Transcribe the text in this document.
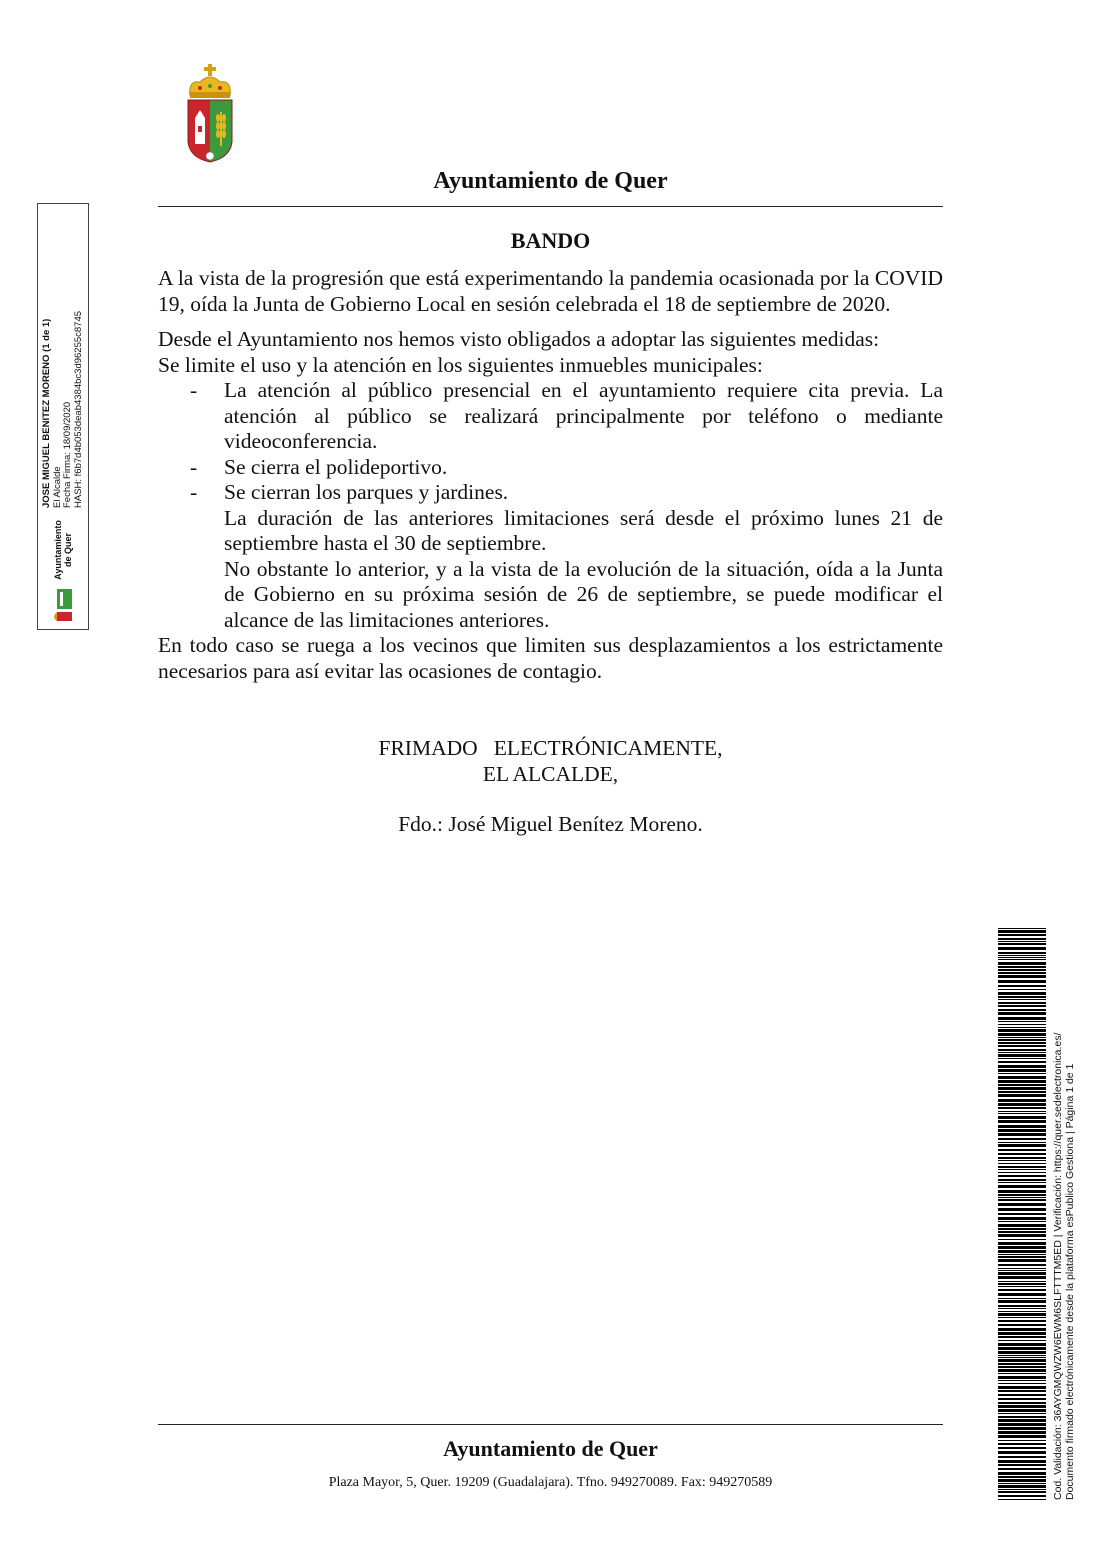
Ayuntamiento de Quer
BANDO

A la vista de la progresión que está experimentando la pandemia ocasionada por la COVID 19, oída la Junta de Gobierno Local en sesión celebrada el 18 de septiembre de 2020.

Desde el Ayuntamiento nos hemos visto obligados a adoptar las siguientes medidas:

Se limite el uso y la atención en los siguientes inmuebles municipales:

- La atención al público presencial en el ayuntamiento requiere cita previa. La atención al público se realizará principalmente por teléfono o mediante videoconferencia.
- Se cierra el polideportivo.
- Se cierran los parques y jardines.

La duración de las anteriores limitaciones será desde el próximo lunes 21 de septiembre hasta el 30 de septiembre.

No obstante lo anterior, y a la vista de la evolución de la situación, oída a la Junta de Gobierno en su próxima sesión de 26 de septiembre, se puede modificar el alcance de las limitaciones anteriores.

En todo caso se ruega a los vecinos que limiten sus desplazamientos a los estrictamente necesarios para así evitar las ocasiones de contagio.

FRIMADO   ELECTRÓNICAMENTE,

EL ALCALDE,

Fdo.: José Miguel Benítez Moreno.

Ayuntamiento de Quer
Plaza Mayor, 5, Quer. 19209 (Guadalajara). Tfno. 949270089. Fax: 949270589
Ayuntamiento de Quer
JOSE MIGUEL BENITEZ MORENO (1 de 1) El Alcalde Fecha Firma: 18/09/2020 HASH: f6b7d4b053deab4384bc3d96255c8745

Cod. Validación: 36AYGMQWZW6EWM6SLFTTTM5ED | Verificación: https://quer.sedelectronica.es/ Documento firmado electrónicamente desde la plataforma esPublico Gestiona | Página 1 de 1
